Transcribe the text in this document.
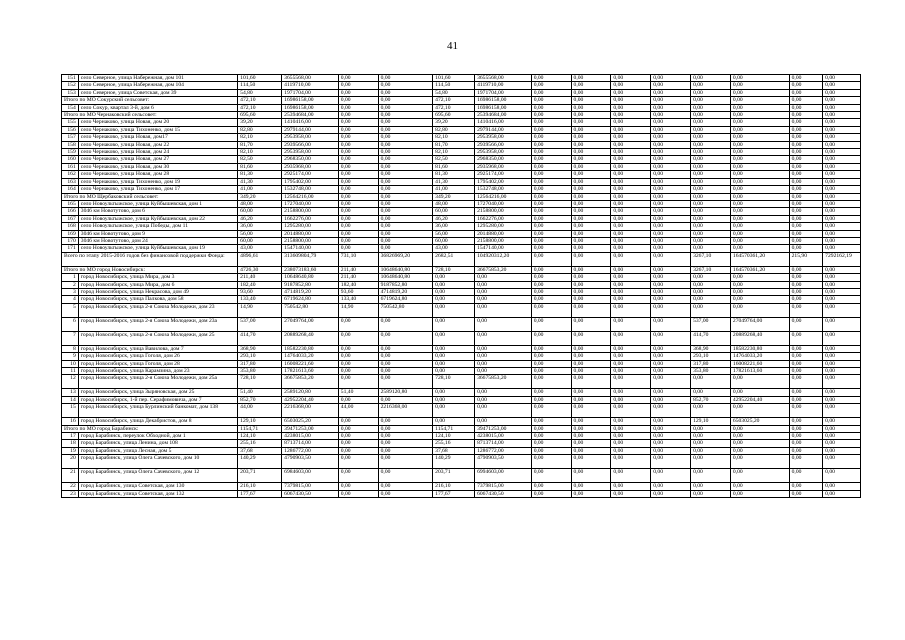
41
151	село Северное, улица Набережная, дом 101	101,60	3655568,00	0,00	0,00	101,60	3655568,00	0,00	0,00	0,00	0,00	0,00	0,00	0,00	0,00
152	село Северное, улица Набережная, дом 104	114,50	4119710,00	0,00	0,00	114,50	4119710,00	0,00	0,00	0,00	0,00	0,00	0,00	0,00	0,00
153	село Северное, улица Советская, дом 39	54,80	1971704,00	0,00	0,00	54,80	1971704,00	0,00	0,00	0,00	0,00	0,00	0,00	0,00	0,00
Итого по МО Сокурский сельсовет:		472,10	16986158,00	0,00	0,00	472,10	16986158,00	0,00	0,00	0,00	0,00	0,00	0,00	0,00	0,00
154	село Сокур, квартал 3-й, дом 6	472,10	16986158,00	0,00	0,00	472,10	16986158,00	0,00	0,00	0,00	0,00	0,00	0,00	0,00	0,00
Итого по МО Чернаковский сельсовет:		695,60	25394684,00	0,00	0,00	695,60	25394684,00	0,00	0,00	0,00	0,00	0,00	0,00	0,00	0,00
155	село Чернаково, улица Новая, дом 20	39,20	1410416,00	0,00	0,00	39,20	1410416,00	0,00	0,00	0,00	0,00	0,00	0,00	0,00	0,00
156	село Чернаково, улица Тихоненко, дом 15	82,80	2979144,00	0,00	0,00	82,80	2979144,00	0,00	0,00	0,00	0,00	0,00	0,00	0,00	0,00
157	село Чернаково, улица Новая, дом17	82,10	2953958,00	0,00	0,00	82,10	2953958,00	0,00	0,00	0,00	0,00	0,00	0,00	0,00	0,00
158	село Чернаково, улица Новая, дом 22	81,70	2939566,00	0,00	0,00	81,70	2939566,00	0,00	0,00	0,00	0,00	0,00	0,00	0,00	0,00
159	село Чернаково, улица Новая, дом 24	82,10	2953958,00	0,00	0,00	82,10	2953958,00	0,00	0,00	0,00	0,00	0,00	0,00	0,00	0,00
160	село Чернаково, улица Новая, дом 27	82,50	2968350,00	0,00	0,00	82,50	2968350,00	0,00	0,00	0,00	0,00	0,00	0,00	0,00	0,00
161	село Чернаково, улица Новая, дом 30	81,60	2935968,00	0,00	0,00	81,60	2935968,00	0,00	0,00	0,00	0,00	0,00	0,00	0,00	0,00
162	село Чернаково, улица Новая, дом 28	81,30	2925174,00	0,00	0,00	81,30	2925174,00	0,00	0,00	0,00	0,00	0,00	0,00	0,00	0,00
163	село Чернаково, улица Тихоненко, дом 19	41,30	1795402,00	0,00	0,00	41,30	1795402,00	0,00	0,00	0,00	0,00	0,00	0,00	0,00	0,00
164	село Чернаково, улица Тихоненко, дом 17	41,00	1532748,00	0,00	0,00	41,00	1532748,00	0,00	0,00	0,00	0,00	0,00	0,00	0,00	0,00
Итого по МО Щербаковский сельсовет:		349,20	12564216,00	0,00	0,00	349,20	12564216,00	0,00	0,00	0,00	0,00	0,00	0,00	0,00	0,00
165	село Новоультыжское, улица Куйбышевская, дом 1	48,00	1727040,00	0,00	0,00	48,00	1727040,00	0,00	0,00	0,00	0,00	0,00	0,00	0,00	0,00
166	3046 км Новотутово, дом 6	60,00	2158800,00	0,00	0,00	60,00	2158800,00	0,00	0,00	0,00	0,00	0,00	0,00	0,00	0,00
167	село Новоультыжское, улица Куйбышевская, дом 22	46,20	1662276,00	0,00	0,00	46,20	1662276,00	0,00	0,00	0,00	0,00	0,00	0,00	0,00	0,00
168	село Новоультыжское, улица Победы, дом 11	36,00	1295280,00	0,00	0,00	36,00	1295280,00	0,00	0,00	0,00	0,00	0,00	0,00	0,00	0,00
169	3046 км Новотутово, дом 9	56,00	2014880,00	0,00	0,00	56,00	2014880,00	0,00	0,00	0,00	0,00	0,00	0,00	0,00	0,00
170	3046 км Новотутово, дом 24	60,00	2158800,00	0,00	0,00	60,00	2158800,00	0,00	0,00	0,00	0,00	0,00	0,00	0,00	0,00
171	село Новоультыжское, улица Куйбышевская, дом 19	43,00	1547140,00	0,00	0,00	43,00	1547140,00	0,00	0,00	0,00	0,00	0,00	0,00	0,00	0,00
Всего по этапу 2015-2016 годов без финансовой поддержки Фонда:		4896,61	313609804,79	731,10	36826969,20	2682,51	104920312,20	0,00	0,00	0,00	0,00	3267,10	164570361,20	215,90	7292162,19
Итого по МО город Новосибирск:		4726,30	238073183,60	211,40	10648640,80	728,10	36675853,20	0,00	0,00	0,00	0,00	3267,10	164570361,20	0,00	0,00
1	город Новосибирск, улица Мира, дом 3	211,40	10648640,80	211,40	10648640,80	0,00	0,00	0,00	0,00	0,00	0,00	0,00	0,00	0,00	0,00
2	город Новосибирск, улица Мира, дом 6	182,40	9187852,80	182,40	9187852,80	0,00	0,00	0,00	0,00	0,00	0,00	0,00	0,00	0,00	0,00
3	город Новосибирск, улица Некрасова, дом 49	93,60	4714819,20	93,60	4714819,20	0,00	0,00	0,00	0,00	0,00	0,00	0,00	0,00	0,00	0,00
4	город Новосибирск, улица Палкова, дом 58	133,40	6719624,80	133,40	6719624,80	0,00	0,00	0,00	0,00	0,00	0,00	0,00	0,00	0,00	0,00
5	город Новосибирск, улица 2-я Союза Молодежи, дом 23	14,90	750542,80	14,90	750542,80	0,00	0,00	0,00	0,00	0,00	0,00	0,00	0,00	0,00	0,00
6	город Новосибирск, улица 2-я Союза Молодежи, дом 23а	537,00	27049764,00	0,00	0,00	0,00	0,00	0,00	0,00	0,00	0,00	537,00	27049764,00	0,00	0,00
7	город Новосибирск, улица 2-я Союза Молодежи, дом 25	414,70	20889268,40	0,00	0,00	0,00	0,00	0,00	0,00	0,00	0,00	414,70	20889268,40	0,00	0,00
8	город Новосибирск, улица Вавилова, дом 7	368,90	18582230,80	0,00	0,00	0,00	0,00	0,00	0,00	0,00	0,00	368,90	18582230,80	0,00	0,00
9	город Новосибирск, улица Гоголя, дом 26	293,10	14764033,20	0,00	0,00	0,00	0,00	0,00	0,00	0,00	0,00	293,10	14764033,20	0,00	0,00
10	город Новосибирск, улица Гоголя, дом 28	317,80	16008221,60	0,00	0,00	0,00	0,00	0,00	0,00	0,00	0,00	317,80	16008221,60	0,00	0,00
11	город Новосибирск, улица Карамзина, дом 23	353,80	17821613,60	0,00	0,00	0,00	0,00	0,00	0,00	0,00	0,00	353,80	17821613,60	0,00	0,00
12	город Новосибирск, улица 2-я Союза Молодежи, дом 25а	728,10	36675853,20	0,00	0,00	728,10	36675853,20	0,00	0,00	0,00	0,00	0,00	0,00	0,00	0,00
13	город Новосибирск, улица Зыряновская, дом 25	51,40	2589120,80	51,40	2589120,80	0,00	0,00	0,00	0,00	0,00	0,00	0,00	0,00	0,00	0,00
14	город Новосибирск, 1-й пер. Серафимовича, дом 7	852,70	42952204,40	0,00	0,00	0,00	0,00	0,00	0,00	0,00	0,00	852,70	42952204,40	0,00	0,00
15	город Новосибирск, улица Бурлинский банкомат, дом 138	44,00	2216368,00	44,00	2216368,00	0,00	0,00	0,00	0,00	0,00	0,00	0,00	0,00	0,00	0,00
16	город Новосибирск, улица Декабристов, дом 8	129,10	6503025,20	0,00	0,00	0,00	0,00	0,00	0,00	0,00	0,00	129,10	6503025,20	0,00	0,00
Итого по МО город Барабинск:		1154,71	39471253,00	0,00	0,00	1154,71	39471253,00	0,00	0,00	0,00	0,00	0,00	0,00	0,00	0,00
17	город Барабинск, переулок Обходной, дом 1	124,10	4238015,00	0,00	0,00	124,10	4238015,00	0,00	0,00	0,00	0,00	0,00	0,00	0,00	0,00
18	город Барабинск, улица Ленина, дом 108	255,16	8713714,00	0,00	0,00	255,16	8713714,00	0,00	0,00	0,00	0,00	0,00	0,00	0,00	0,00
19	город Барабинск, улица Лесная, дом 5	37,68	1286772,00	0,00	0,00	37,68	1286772,00	0,00	0,00	0,00	0,00	0,00	0,00	0,00	0,00
20	город Барабинск, улица Олега Сачевского, дом 10	140,29	4790903,50	0,00	0,00	140,29	4790903,50	0,00	0,00	0,00	0,00	0,00	0,00	0,00	0,00
21	город Барабинск, улица Олега Сачевского, дом 12	203,71	6984603,00	0,00	0,00	203,71	6994603,00	0,00	0,00	0,00	0,00	0,00	0,00	0,00	0,00
22	город Барабинск, улица Советская, дом 130	216,10	7379815,00	0,00	0,00	216,10	7379815,00	0,00	0,00	0,00	0,00	0,00	0,00	0,00	0,00
23	город Барабинск, улица Советская, дом 132	177,67	6067430,50	0,00	0,00	177,67	6067430,50	0,00	0,00	0,00	0,00	0,00	0,00	0,00	0,00
